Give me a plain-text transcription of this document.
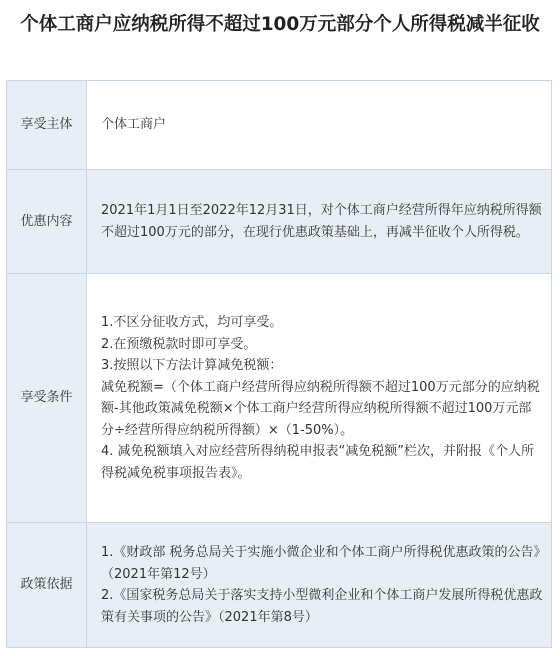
个体工商户应纳税所得不超过100万元部分个人所得税减半征收
享受主体	个体工商户

优惠内容	2021年1月1日至2022年12月31日，对个体工商户经营所得年应纳税所得额不超过100万元的部分，在现行优惠政策基础上，再减半征收个人所得税。

享受条件	1.不区分征收方式，均可享受。
2.在预缴税款时即可享受。
3.按照以下方法计算减免税额：
减免税额=（个体工商户经营所得应纳税所得额不超过100万元部分的应纳税额-其他政策减免税额×个体工商户经营所得应纳税所得额不超过100万元部分÷经营所得应纳税所得额）×（1-50%）。
4. 减免税额填入对应经营所得纳税申报表“减免税额”栏次，并附报《个人所得税减免税事项报告表》。

政策依据	1.《财政部 税务总局关于实施小微企业和个体工商户所得税优惠政策的公告》（2021年第12号）
2.《国家税务总局关于落实支持小型微利企业和个体工商户发展所得税优惠政策有关事项的公告》（2021年第8号）
